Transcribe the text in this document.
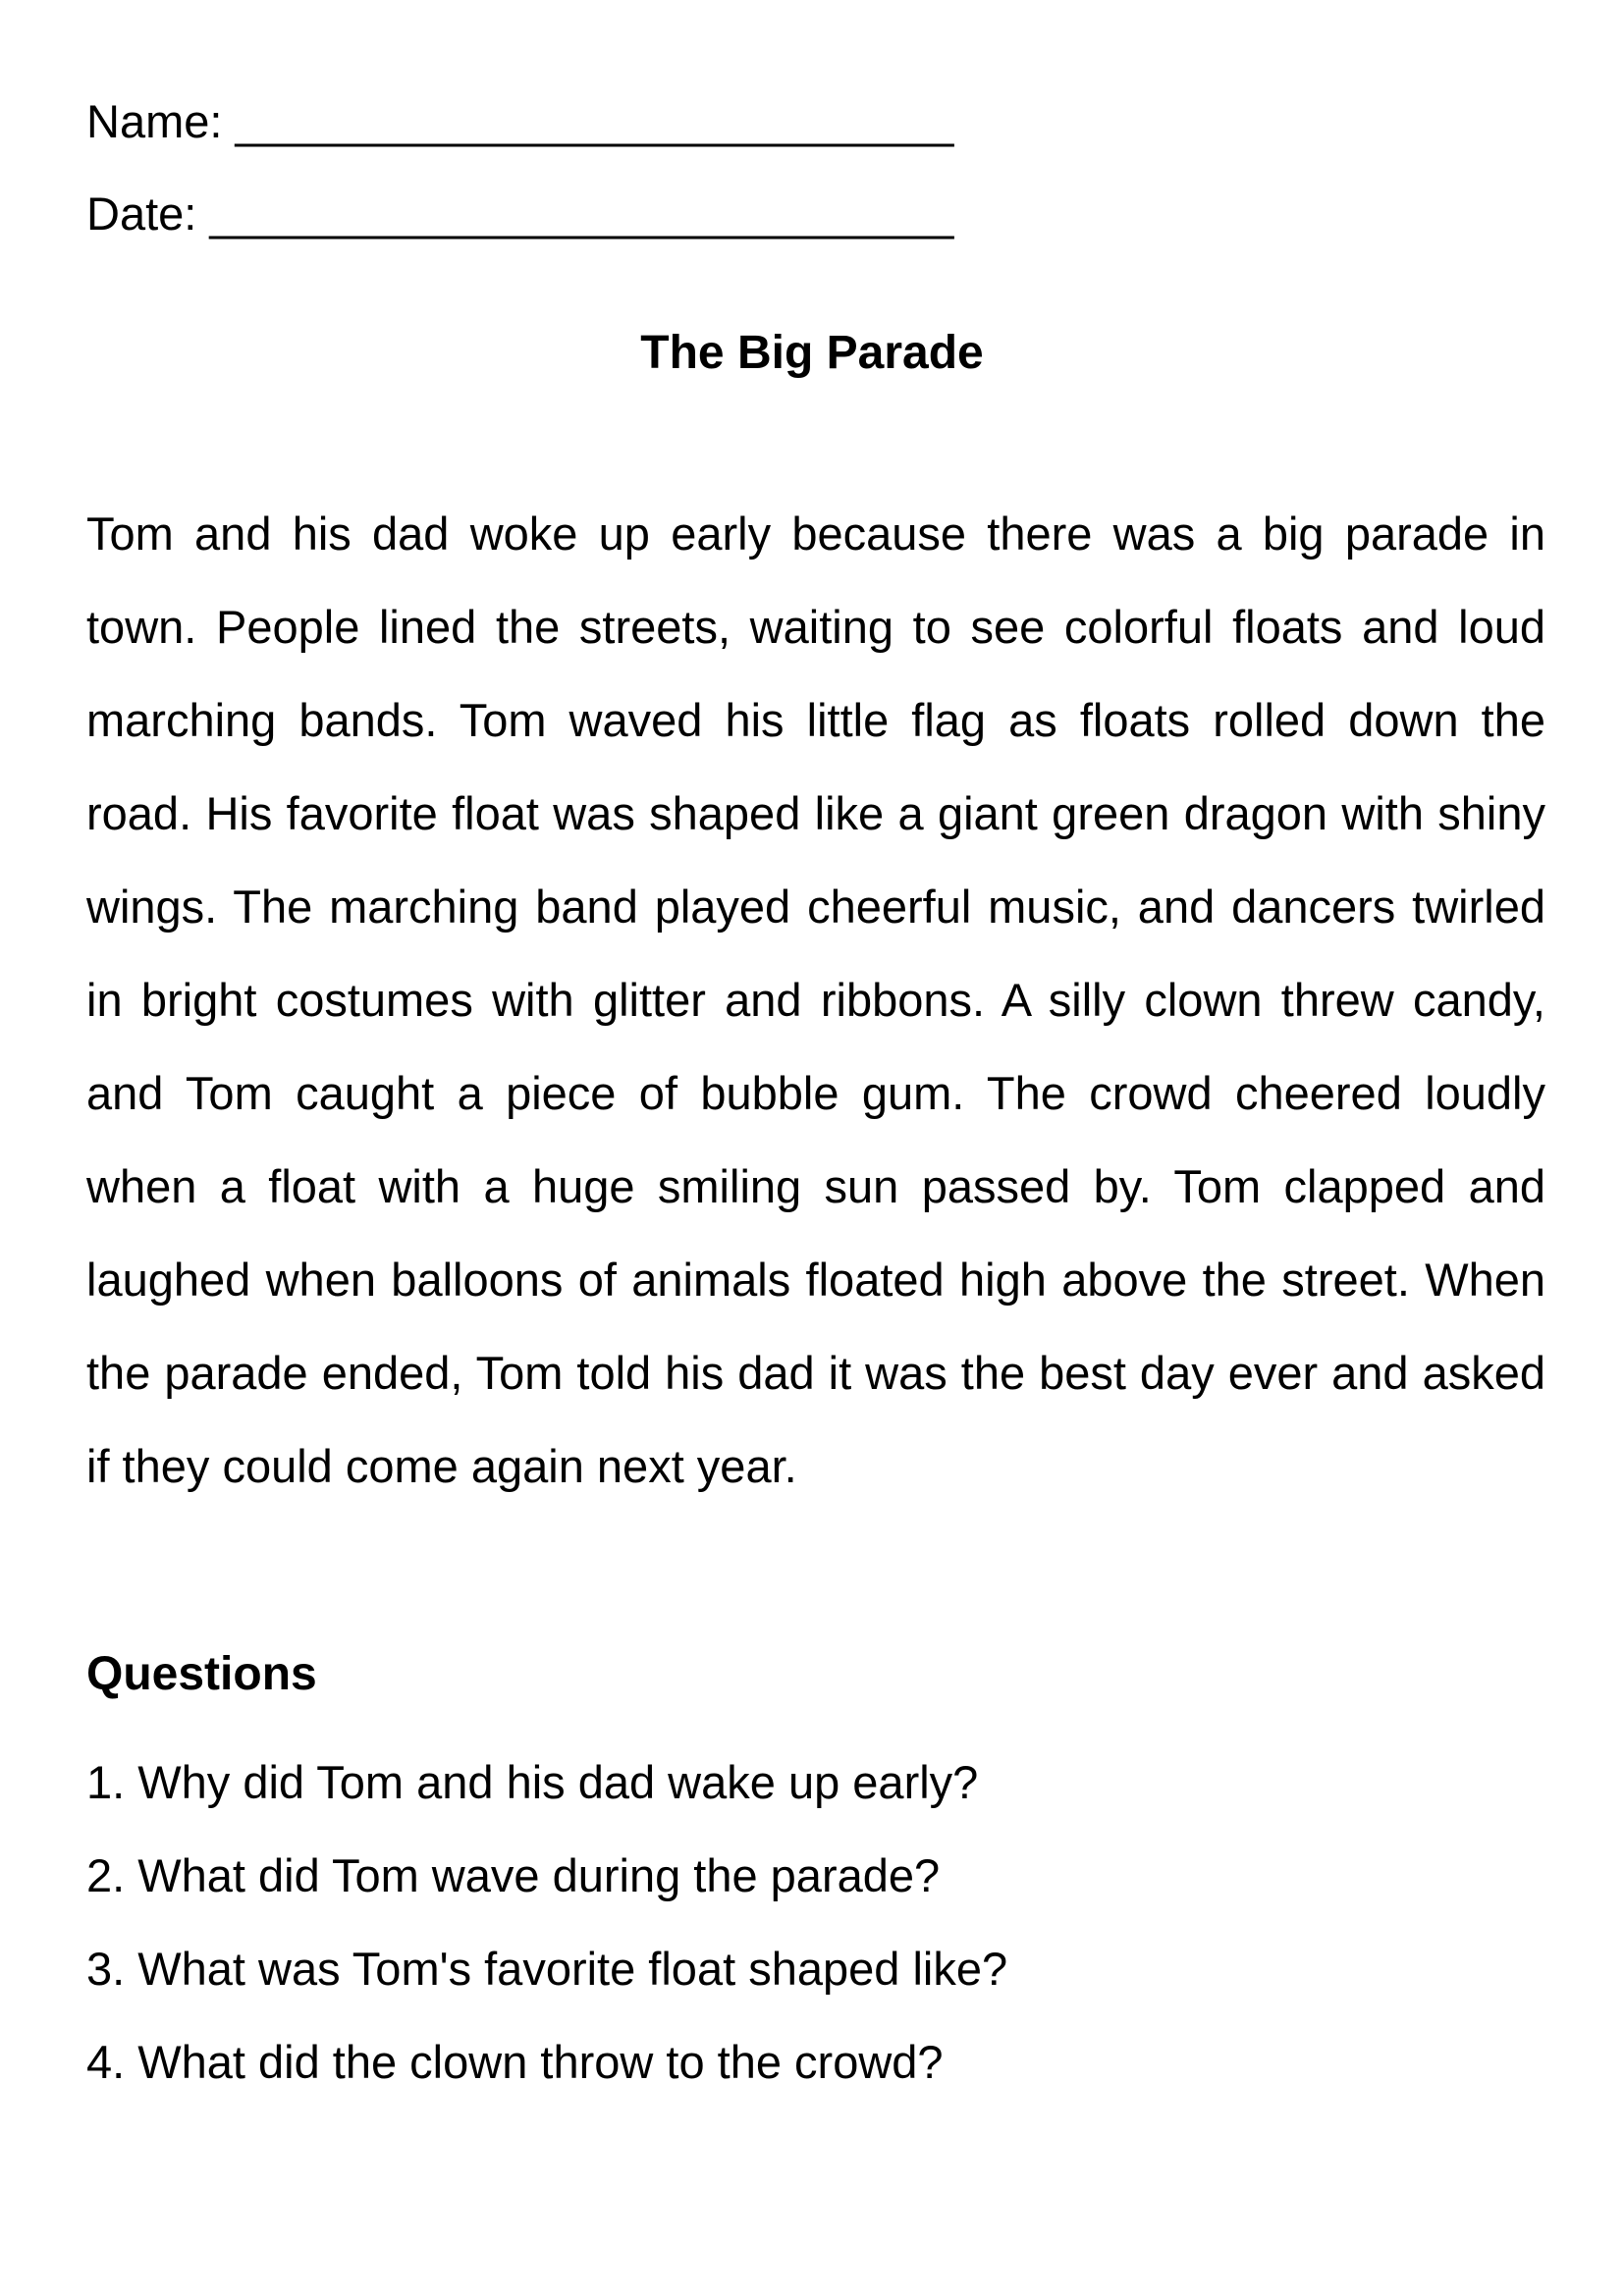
Name: ____________________________
Date: _____________________________
The Big Parade

Tom and his dad woke up early because there was a big parade in town. People lined the streets, waiting to see colorful floats and loud marching bands. Tom waved his little flag as floats rolled down the road. His favorite float was shaped like a giant green dragon with shiny wings. The marching band played cheerful music, and dancers twirled in bright costumes with glitter and ribbons. A silly clown threw candy, and Tom caught a piece of bubble gum. The crowd cheered loudly when a float with a huge smiling sun passed by. Tom clapped and laughed when balloons of animals floated high above the street. When the parade ended, Tom told his dad it was the best day ever and asked if they could come again next year.

Questions
1. Why did Tom and his dad wake up early?
2. What did Tom wave during the parade?
3. What was Tom's favorite float shaped like?
4. What did the clown throw to the crowd?
